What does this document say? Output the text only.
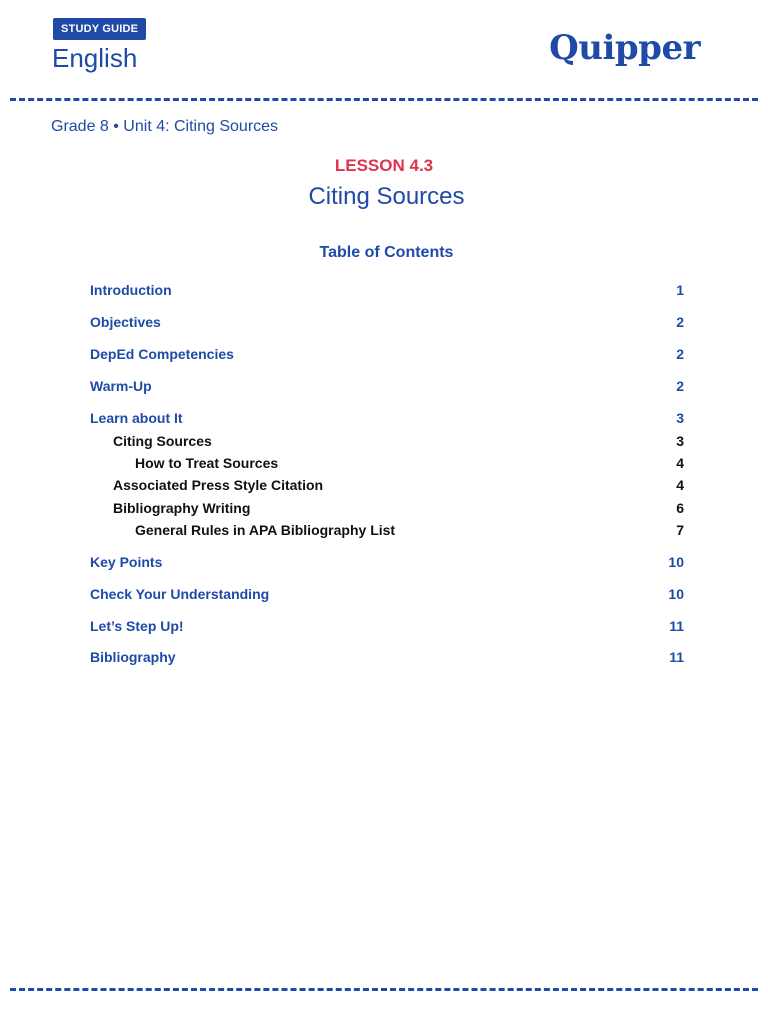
STUDY GUIDE
English	Quipper
Grade 8 • Unit 4: Citing Sources
LESSON 4.3
Citing Sources
Table of Contents
Introduction	1
Objectives	2
DepEd Competencies	2
Warm-Up	2
Learn about It	3
Citing Sources	3
How to Treat Sources	4
Associated Press Style Citation	4
Bibliography Writing	6
General Rules in APA Bibliography List	7
Key Points	10
Check Your Understanding	10
Let’s Step Up!	11
Bibliography	11
